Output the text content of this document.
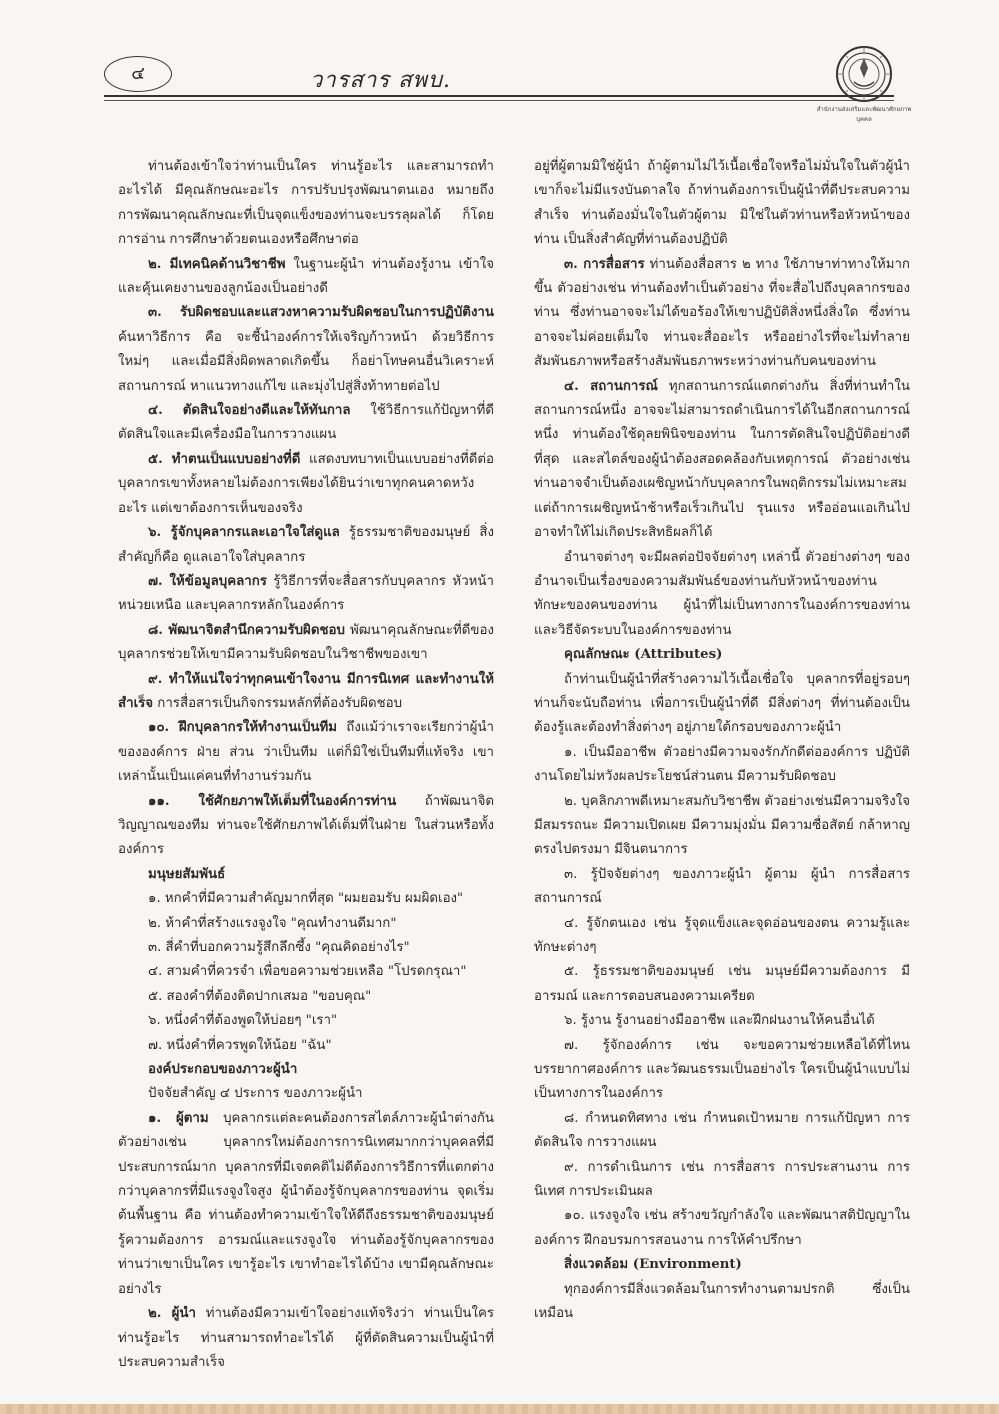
๔	วารสาร สพบ.
สำนักงานส่งเสริมและพัฒนาศักยภาพบุคคล

ท่านต้องเข้าใจว่าท่านเป็นใคร ท่านรู้อะไร และสามารถทำอะไรได้ มีคุณลักษณะอะไร การปรับปรุงพัฒนาตนเอง หมายถึง การพัฒนาคุณลักษณะที่เป็นจุดแข็งของท่านจะบรรลุผลได้ ก็โดยการอ่าน การศึกษาด้วยตนเองหรือศึกษาต่อ

๒. มีเทคนิคด้านวิชาชีพ ในฐานะผู้นำ ท่านต้องรู้งาน เข้าใจและคุ้นเคยงานของลูกน้องเป็นอย่างดี

๓. รับผิดชอบและแสวงหาความรับผิดชอบในการปฏิบัติงาน ค้นหาวิธีการ คือ จะชี้นำองค์การให้เจริญก้าวหน้า ด้วยวิธีการใหม่ๆ และเมื่อมีสิ่งผิดพลาดเกิดขึ้น ก็อย่าโทษคนอื่นวิเคราะห์สถานการณ์ หาแนวทางแก้ไข และมุ่งไปสู่สิ่งท้าทายต่อไป

๔. ตัดสินใจอย่างดีและให้ทันกาล ใช้วิธีการแก้ปัญหาที่ดี ตัดสินใจและมีเครื่องมือในการวางแผน

๕. ทำตนเป็นแบบอย่างที่ดี แสดงบทบาทเป็นแบบอย่างที่ดีต่อบุคลากรเขาทั้งหลายไม่ต้องการเพียงได้ยินว่าเขาทุกคนคาดหวังอะไร แต่เขาต้องการเห็นของจริง

๖. รู้จักบุคลากรและเอาใจใส่ดูแล รู้ธรรมชาติของมนุษย์ สิ่งสำคัญก็คือ ดูแลเอาใจใส่บุคลากร

๗. ให้ข้อมูลบุคลากร รู้วิธีการที่จะสื่อสารกับบุคลากร หัวหน้าหน่วยเหนือ และบุคลากรหลักในองค์การ

๘. พัฒนาจิตสำนึกความรับผิดชอบ พัฒนาคุณลักษณะที่ดีของบุคลากรช่วยให้เขามีความรับผิดชอบในวิชาชีพของเขา

๙. ทำให้แน่ใจว่าทุกคนเข้าใจงาน มีการนิเทศ และทำงานให้สำเร็จ การสื่อสารเป็นกิจกรรมหลักที่ต้องรับผิดชอบ

๑๐. ฝึกบุคลากรให้ทำงานเป็นทีม ถึงแม้ว่าเราจะเรียกว่าผู้นำขององค์การ ฝ่าย ส่วน ว่าเป็นทีม แต่ก็มิใช่เป็นทีมที่แท้จริง เขาเหล่านั้นเป็นแค่คนที่ทำงานร่วมกัน

๑๑. ใช้ศักยภาพให้เต็มที่ในองค์การท่าน ถ้าพัฒนาจิตวิญญาณของทีม ท่านจะใช้ศักยภาพได้เต็มที่ในฝ่าย ในส่วนหรือทั้งองค์การ

มนุษยสัมพันธ์

๑. หกคำที่มีความสำคัญมากที่สุด "ผมยอมรับ ผมผิดเอง"

๒. ห้าคำที่สร้างแรงจูงใจ "คุณทำงานดีมาก"

๓. สี่คำที่บอกความรู้สึกลึกซึ้ง "คุณคิดอย่างไร"

๔. สามคำที่ควรจำ เพื่อขอความช่วยเหลือ "โปรดกรุณา"

๕. สองคำที่ต้องติดปากเสมอ "ขอบคุณ"

๖. หนึ่งคำที่ต้องพูดให้บ่อยๆ "เรา"

๗. หนึ่งคำที่ควรพูดให้น้อย "ฉัน"

องค์ประกอบของภาวะผู้นำ

ปัจจัยสำคัญ ๔ ประการ ของภาวะผู้นำ

๑. ผู้ตาม บุคลากรแต่ละคนต้องการสไตล์ภาวะผู้นำต่างกัน ตัวอย่างเช่น บุคลากรใหม่ต้องการการนิเทศมากกว่าบุคคลที่มีประสบการณ์มาก บุคลากรที่มีเจตคติไม่ดีต้องการวิธีการที่แตกต่างกว่าบุคลากรที่มีแรงจูงใจสูง ผู้นำต้องรู้จักบุคลากรของท่าน จุดเริ่มต้นพื้นฐาน คือ ท่านต้องทำความเข้าใจให้ดีถึงธรรมชาติของมนุษย์ รู้ความต้องการ อารมณ์และแรงจูงใจ ท่านต้องรู้จักบุคลากรของท่านว่าเขาเป็นใคร เขารู้อะไร เขาทำอะไรได้บ้าง เขามีคุณลักษณะอย่างไร

๒. ผู้นำ ท่านต้องมีความเข้าใจอย่างแท้จริงว่า ท่านเป็นใคร ท่านรู้อะไร ท่านสามารถทำอะไรได้ ผู้ที่ตัดสินความเป็นผู้นำที่ประสบความสำเร็จ

อยู่ที่ผู้ตามมิใช่ผู้นำ ถ้าผู้ตามไม่ไว้เนื้อเชื่อใจหรือไม่มั่นใจในตัวผู้นำ เขาก็จะไม่มีแรงบันดาลใจ ถ้าท่านต้องการเป็นผู้นำที่ดีประสบความสำเร็จ ท่านต้องมั่นใจในตัวผู้ตาม มิใช่ในตัวท่านหรือหัวหน้าของท่าน เป็นสิ่งสำคัญที่ท่านต้องปฏิบัติ

๓. การสื่อสาร ท่านต้องสื่อสาร ๒ ทาง ใช้ภาษาท่าทางให้มากขึ้น ตัวอย่างเช่น ท่านต้องทำเป็นตัวอย่าง ที่จะสื่อไปถึงบุคลากรของท่าน ซึ่งท่านอาจจะไม่ได้ขอร้องให้เขาปฏิบัติสิ่งหนึ่งสิ่งใด ซึ่งท่านอาจจะไม่ค่อยเต็มใจ ท่านจะสื่ออะไร หรืออย่างไรที่จะไม่ทำลายสัมพันธภาพหรือสร้างสัมพันธภาพระหว่างท่านกับคนของท่าน

๔. สถานการณ์ ทุกสถานการณ์แตกต่างกัน สิ่งที่ท่านทำในสถานการณ์หนึ่ง อาจจะไม่สามารถดำเนินการได้ในอีกสถานการณ์หนึ่ง ท่านต้องใช้ดุลยพินิจของท่าน ในการตัดสินใจปฏิบัติอย่างดีที่สุด และสไตล์ของผู้นำต้องสอดคล้องกับเหตุการณ์ ตัวอย่างเช่น ท่านอาจจำเป็นต้องเผชิญหน้ากับบุคลากรในพฤติกรรมไม่เหมาะสม แต่ถ้าการเผชิญหน้าช้าหรือเร็วเกินไป รุนแรง หรืออ่อนแอเกินไป อาจทำให้ไม่เกิดประสิทธิผลก็ได้

อำนาจต่างๆ จะมีผลต่อปัจจัยต่างๆ เหล่านี้ ตัวอย่างต่างๆ ของอำนาจเป็นเรื่องของความสัมพันธ์ของท่านกับหัวหน้าของท่าน ทักษะของคนของท่าน ผู้นำที่ไม่เป็นทางการในองค์การของท่าน และวิธีจัดระบบในองค์การของท่าน

คุณลักษณะ (Attributes)

ถ้าท่านเป็นผู้นำที่สร้างความไว้เนื้อเชื่อใจ บุคลากรที่อยู่รอบๆ ท่านก็จะนับถือท่าน เพื่อการเป็นผู้นำที่ดี มีสิ่งต่างๆ ที่ท่านต้องเป็น ต้องรู้และต้องทำสิ่งต่างๆ อยู่ภายใต้กรอบของภาวะผู้นำ

๑. เป็นมืออาชีพ ตัวอย่างมีความจงรักภักดีต่อองค์การ ปฏิบัติงานโดยไม่หวังผลประโยชน์ส่วนตน มีความรับผิดชอบ

๒. บุคลิกภาพดีเหมาะสมกับวิชาชีพ ตัวอย่างเช่นมีความจริงใจ มีสมรรถนะ มีความเปิดเผย มีความมุ่งมั่น มีความซื่อสัตย์ กล้าหาญ ตรงไปตรงมา มีจินตนาการ

๓. รู้ปัจจัยต่างๆ ของภาวะผู้นำ ผู้ตาม ผู้นำ การสื่อสาร สถานการณ์

๔. รู้จักตนเอง เช่น รู้จุดแข็งและจุดอ่อนของตน ความรู้และทักษะต่างๆ

๕. รู้ธรรมชาติของมนุษย์ เช่น มนุษย์มีความต้องการ มีอารมณ์ และการตอบสนองความเครียด

๖. รู้งาน รู้งานอย่างมืออาชีพ และฝึกฝนงานให้คนอื่นได้

๗. รู้จักองค์การ เช่น จะขอความช่วยเหลือได้ที่ไหน บรรยากาศองค์การ และวัฒนธรรมเป็นอย่างไร ใครเป็นผู้นำแบบไม่เป็นทางการในองค์การ

๘. กำหนดทิศทาง เช่น กำหนดเป้าหมาย การแก้ปัญหา การตัดสินใจ การวางแผน

๙. การดำเนินการ เช่น การสื่อสาร การประสานงาน การนิเทศ การประเมินผล

๑๐. แรงจูงใจ เช่น สร้างขวัญกำลังใจ และพัฒนาสติปัญญาในองค์การ ฝึกอบรมการสอนงาน การให้คำปรึกษา

สิ่งแวดล้อม (Environment)

ทุกองค์การมีสิ่งแวดล้อมในการทำงานตามปรกติ ซึ่งเป็นเหมือน
